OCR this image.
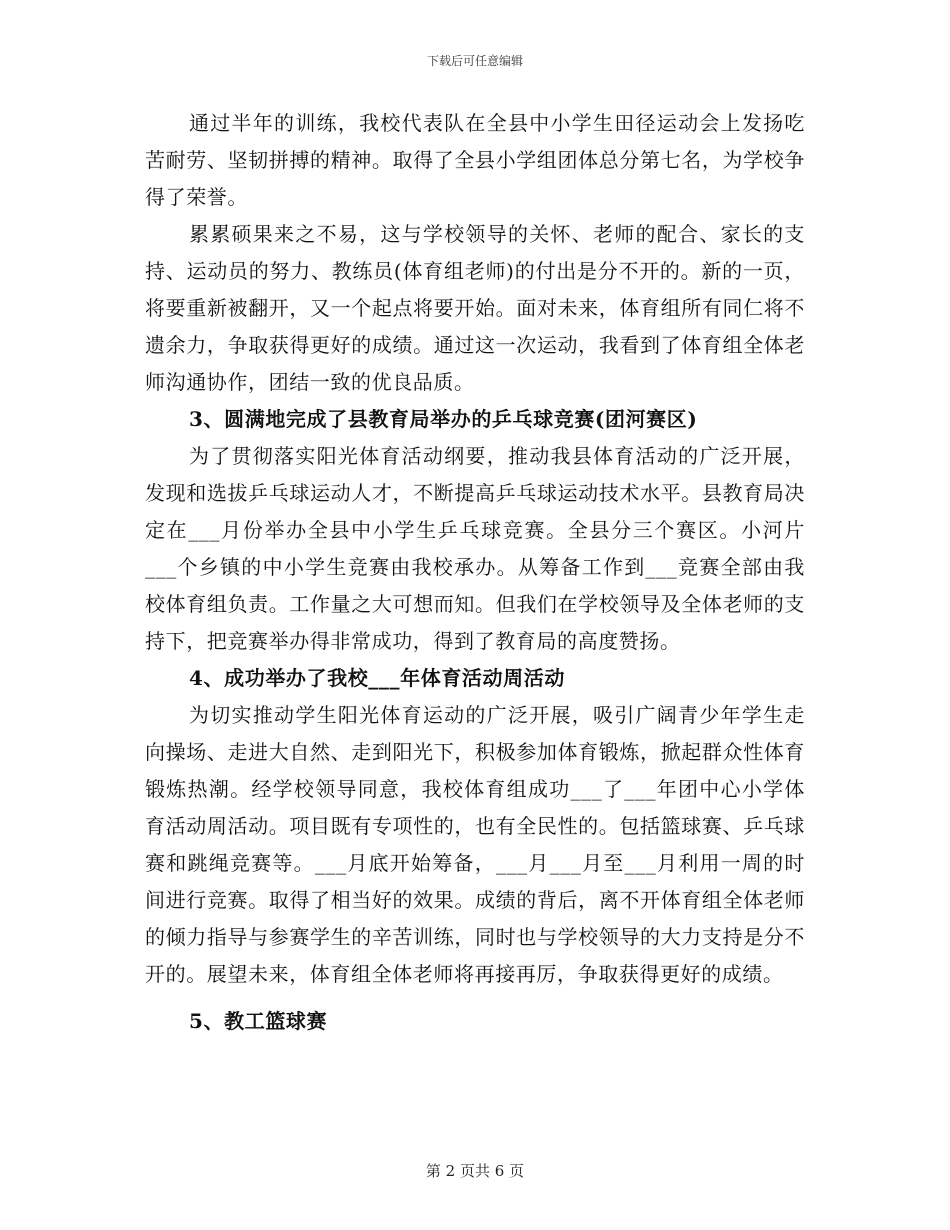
下载后可任意编辑

通过半年的训练，我校代表队在全县中小学生田径运动会上发扬吃苦耐劳、坚韧拼搏的精神。取得了全县小学组团体总分第七名，为学校争得了荣誉。

累累硕果来之不易，这与学校领导的关怀、老师的配合、家长的支持、运动员的努力、教练员(体育组老师)的付出是分不开的。新的一页，将要重新被翻开，又一个起点将要开始。面对未来，体育组所有同仁将不遗余力，争取获得更好的成绩。通过这一次运动，我看到了体育组全体老师沟通协作，团结一致的优良品质。

3、圆满地完成了县教育局举办的乒乓球竞赛(团河赛区)

为了贯彻落实阳光体育活动纲要，推动我县体育活动的广泛开展，发现和选拔乒乓球运动人才，不断提高乒乓球运动技术水平。县教育局决定在___月份举办全县中小学生乒乓球竞赛。全县分三个赛区。小河片___个乡镇的中小学生竞赛由我校承办。从筹备工作到___竞赛全部由我校体育组负责。工作量之大可想而知。但我们在学校领导及全体老师的支持下，把竞赛举办得非常成功，得到了教育局的高度赞扬。

4、成功举办了我校___年体育活动周活动

为切实推动学生阳光体育运动的广泛开展，吸引广阔青少年学生走向操场、走进大自然、走到阳光下，积极参加体育锻炼，掀起群众性体育锻炼热潮。经学校领导同意，我校体育组成功___了___年团中心小学体育活动周活动。项目既有专项性的，也有全民性的。包括篮球赛、乒乓球赛和跳绳竞赛等。___月底开始筹备，___月___月至___月利用一周的时间进行竞赛。取得了相当好的效果。成绩的背后，离不开体育组全体老师的倾力指导与参赛学生的辛苦训练，同时也与学校领导的大力支持是分不开的。展望未来，体育组全体老师将再接再厉，争取获得更好的成绩。

5、教工篮球赛

第 2 页共 6 页
